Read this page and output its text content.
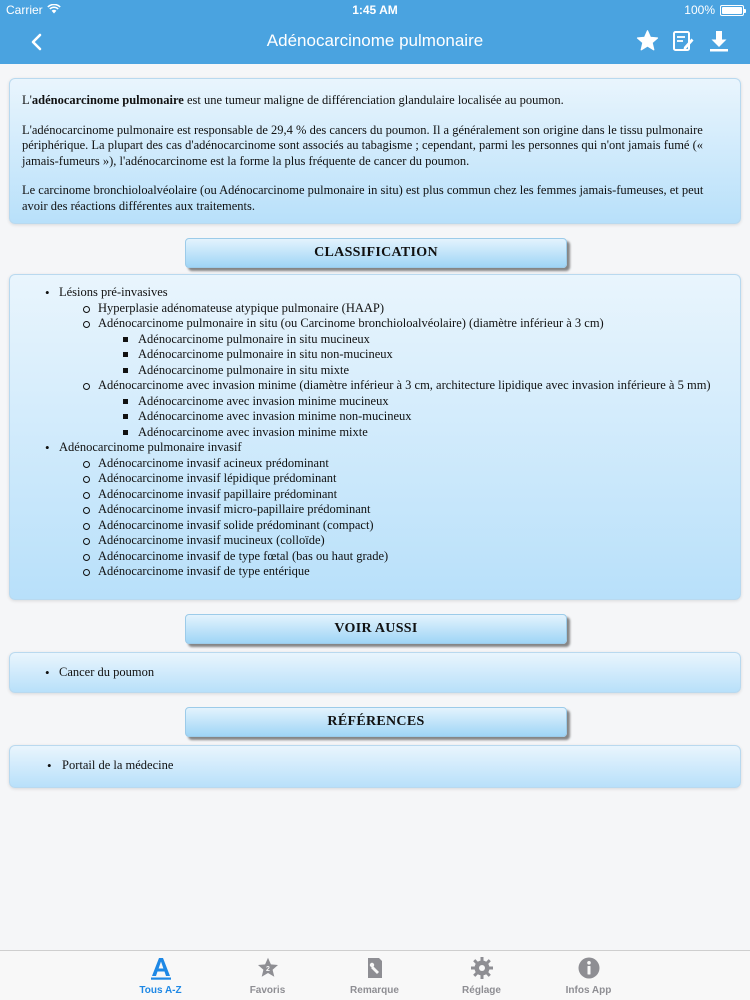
Carrier	1:45 AM	100%
Adénocarcinome pulmonaire

L'adénocarcinome pulmonaire est une tumeur maligne de différenciation glandulaire localisée au poumon.

L'adénocarcinome pulmonaire est responsable de 29,4 % des cancers du poumon. Il a généralement son origine dans le tissu pulmonaire périphérique. La plupart des cas d'adénocarcinome sont associés au tabagisme ; cependant, parmi les personnes qui n'ont jamais fumé (« jamais-fumeurs »), l'adénocarcinome est la forme la plus fréquente de cancer du poumon.

Le carcinome bronchioloalvéolaire (ou Adénocarcinome pulmonaire in situ) est plus commun chez les femmes jamais-fumeuses, et peut avoir des réactions différentes aux traitements.

CLASSIFICATION
• Lésions pré-invasives
Hyperplasie adénomateuse atypique pulmonaire (HAAP)
Adénocarcinome pulmonaire in situ (ou Carcinome bronchioloalvéolaire) (diamètre inférieur à 3 cm)
Adénocarcinome pulmonaire in situ mucineux
Adénocarcinome pulmonaire in situ non-mucineux
Adénocarcinome pulmonaire in situ mixte
Adénocarcinome avec invasion minime (diamètre inférieur à 3 cm, architecture lipidique avec invasion inférieure à 5 mm)
Adénocarcinome avec invasion minime mucineux
Adénocarcinome avec invasion minime non-mucineux
Adénocarcinome avec invasion minime mixte
• Adénocarcinome pulmonaire invasif
Adénocarcinome invasif acineux prédominant
Adénocarcinome invasif lépidique prédominant
Adénocarcinome invasif papillaire prédominant
Adénocarcinome invasif micro-papillaire prédominant
Adénocarcinome invasif solide prédominant (compact)
Adénocarcinome invasif mucineux (colloïde)
Adénocarcinome invasif de type fœtal (bas ou haut grade)
Adénocarcinome invasif de type entérique
VOIR AUSSI
• Cancer du poumon
RÉFÉRENCES
• Portail de la médecine
Tous A-Z
2
Favoris	Remarque	Réglage	Infos App
